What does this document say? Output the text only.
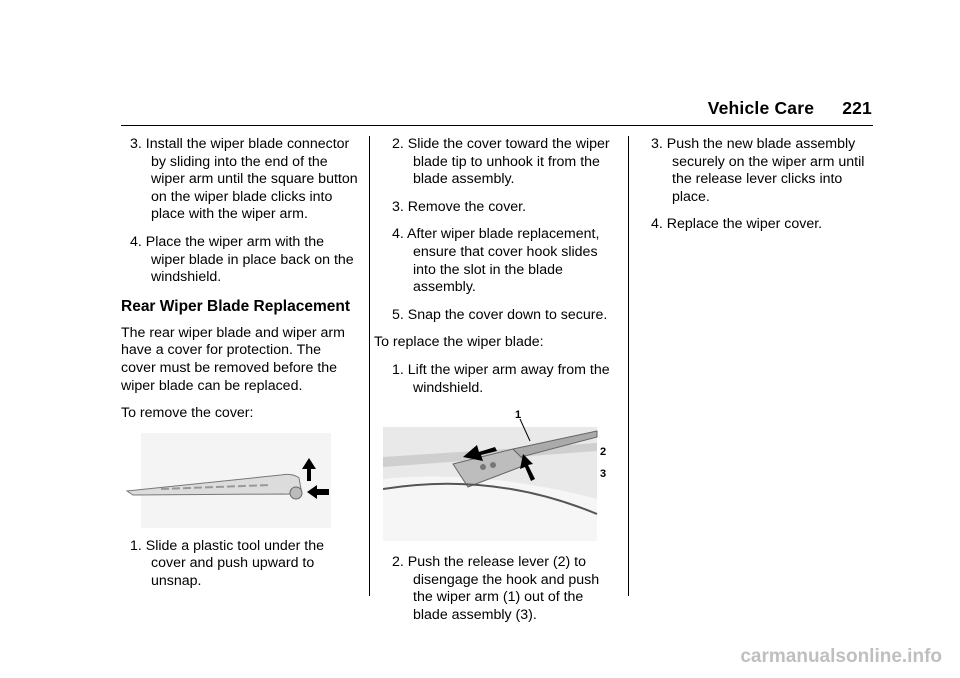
Vehicle Care 221

3. Install the wiper blade connector by sliding into the end of the wiper arm until the square button on the wiper blade clicks into place with the wiper arm.

4. Place the wiper arm with the wiper blade in place back on the windshield.

Rear Wiper Blade Replacement

The rear wiper blade and wiper arm have a cover for protection. The cover must be removed before the wiper blade can be replaced.

To remove the cover:

1. Slide a plastic tool under the cover and push upward to unsnap.

2. Slide the cover toward the wiper blade tip to unhook it from the blade assembly.

3. Remove the cover.

4. After wiper blade replacement, ensure that cover hook slides into the slot in the blade assembly.

5. Snap the cover down to secure.

To replace the wiper blade:

1. Lift the wiper arm away from the windshield.

1
2
3

2. Push the release lever (2) to disengage the hook and push the wiper arm (1) out of the blade assembly (3).

3. Push the new blade assembly securely on the wiper arm until the release lever clicks into place.

4. Replace the wiper cover.

carmanualsonline.info
